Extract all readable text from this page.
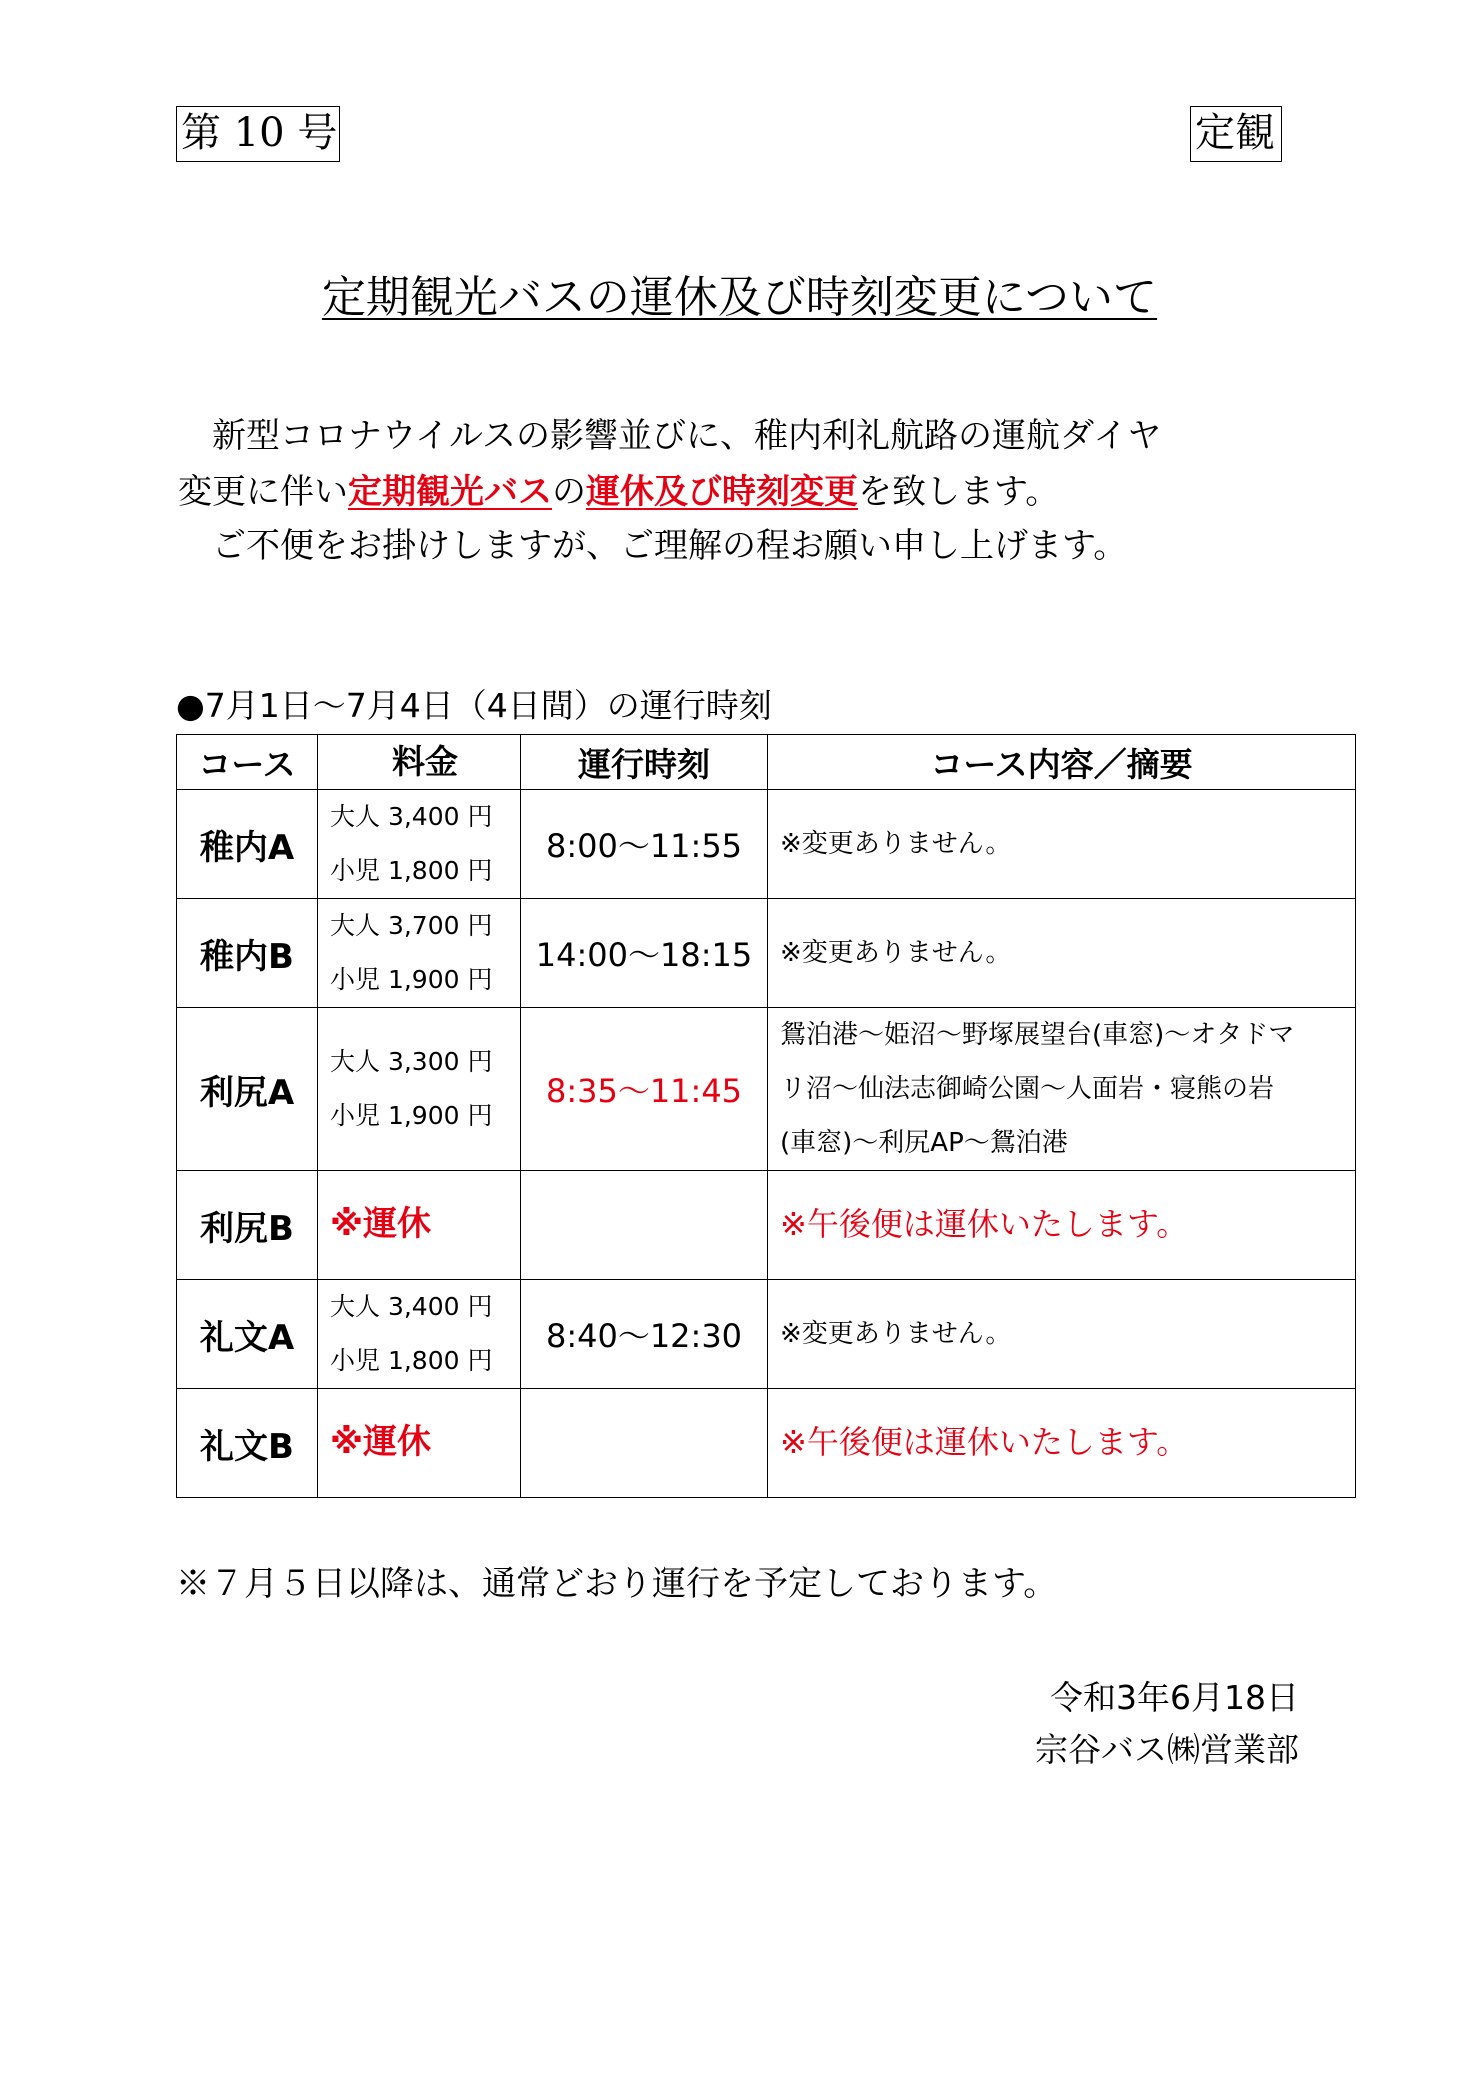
第 10 号	定観
定期観光バスの運休及び時刻変更について
新型コロナウイルスの影響並びに、稚内利礼航路の運航ダイヤ
変更に伴い定期観光バスの運休及び時刻変更を致します。
ご不便をお掛けしますが、ご理解の程お願い申し上げます。
●7月1日～7月4日（4日間）の運行時刻
コース	料金	運行時刻	コース内容／摘要
稚内A	大人 3,400 円
小児 1,800 円	8:00～11:55	※変更ありません。
稚内B	大人 3,700 円
小児 1,900 円	14:00～18:15	※変更ありません。
利尻A	大人 3,300 円
小児 1,900 円	8:35～11:45	鴛泊港～姫沼～野塚展望台(車窓)～オタドマ
リ沼～仙法志御崎公園～人面岩・寝熊の岩
(車窓)～利尻AP～鴛泊港

利尻B	※運休		※午後便は運休いたします。
礼文A	大人 3,400 円
小児 1,800 円	8:40～12:30	※変更ありません。
礼文B	※運休		※午後便は運休いたします。
※７月５日以降は、通常どおり運行を予定しております。
令和3年6月18日
宗谷バス㈱営業部
